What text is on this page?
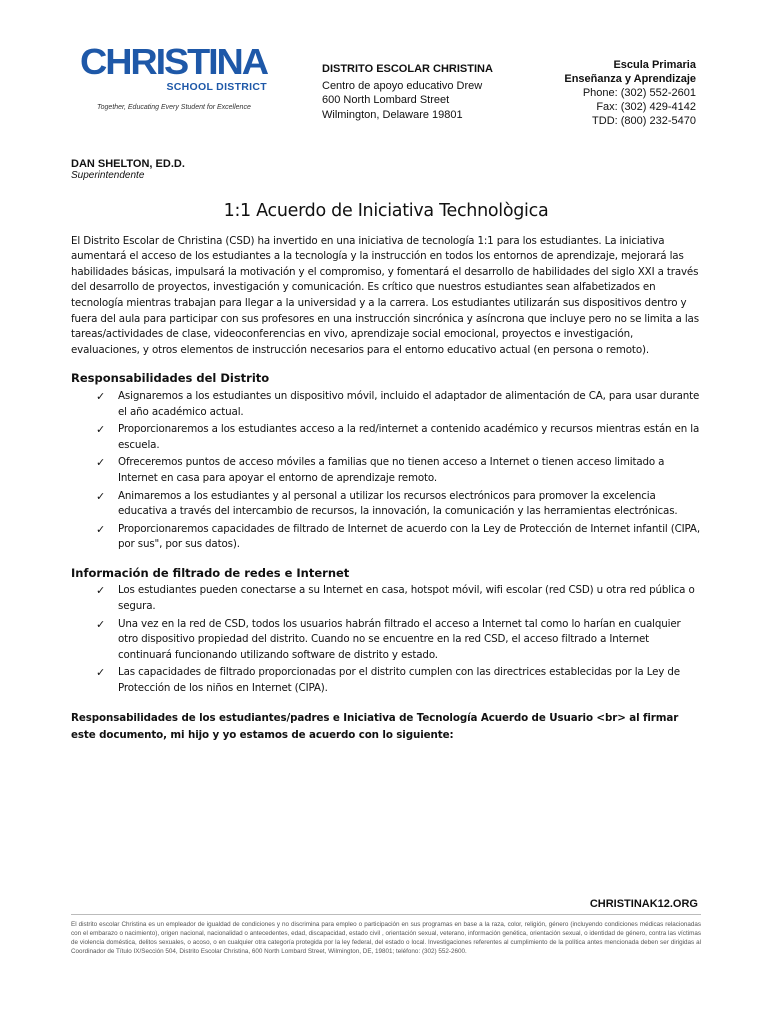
CHRISTINA
SCHOOL DISTRICT
Together, Educating Every Student for Excellence
DISTRITO ESCOLAR CHRISTINA
Centro de apoyo educativo Drew
600 North Lombard Street
Wilmington, Delaware 19801
Escula Primaria
Enseñanza y Aprendizaje
Phone: (302) 552-2601
Fax: (302) 429-4142
TDD: (800) 232-5470
DAN SHELTON, ED.D.
Superintendente
1:1 Acuerdo de Iniciativa Technològica

El Distrito Escolar de Christina (CSD) ha invertido en una iniciativa de tecnología 1:1 para los estudiantes. La iniciativa aumentará el acceso de los estudiantes a la tecnología y la instrucción en todos los entornos de aprendizaje, mejorará las habilidades básicas, impulsará la motivación y el compromiso, y fomentará el desarrollo de habilidades del siglo XXI a través del desarrollo de proyectos, investigación y comunicación. Es crítico que nuestros estudiantes sean alfabetizados en tecnología mientras trabajan para llegar a la universidad y a la carrera. Los estudiantes utilizarán sus dispositivos dentro y fuera del aula para participar con sus profesores en una instrucción sincrónica y asíncrona que incluye pero no se limita a las tareas/actividades de clase, videoconferencias en vivo, aprendizaje social emocional, proyectos e investigación, evaluaciones, y otros elementos de instrucción necesarios para el entorno educativo actual (en persona o remoto).

Responsabilidades del Distrito
✓ Asignaremos a los estudiantes un dispositivo móvil, incluido el adaptador de alimentación de CA, para usar durante el año académico actual.
✓ Proporcionaremos a los estudiantes acceso a la red/internet a contenido académico y recursos mientras están en la escuela.
✓ Ofreceremos puntos de acceso móviles a familias que no tienen acceso a Internet o tienen acceso limitado a Internet en casa para apoyar el entorno de aprendizaje remoto.
✓ Animaremos a los estudiantes y al personal a utilizar los recursos electrónicos para promover la excelencia educativa a través del intercambio de recursos, la innovación, la comunicación y las herramientas electrónicas.
✓ Proporcionaremos capacidades de filtrado de Internet de acuerdo con la Ley de Protección de Internet infantil (CIPA, por sus", por sus datos).
Información de filtrado de redes e Internet
✓ Los estudiantes pueden conectarse a su Internet en casa, hotspot móvil, wifi escolar (red CSD) u otra red pública o segura.
✓ Una vez en la red de CSD, todos los usuarios habrán filtrado el acceso a Internet tal como lo harían en cualquier otro dispositivo propiedad del distrito. Cuando no se encuentre en la red CSD, el acceso filtrado a Internet continuará funcionando utilizando software de distrito y estado.
✓ Las capacidades de filtrado proporcionadas por el distrito cumplen con las directrices establecidas por la Ley de Protección de los niños en Internet (CIPA).

Responsabilidades de los estudiantes/padres e Iniciativa de Tecnología Acuerdo de Usuario <br> al firmar este documento, mi hijo y yo estamos de acuerdo con lo siguiente:

CHRISTINAK12.ORG
El distrito escolar Christina es un empleador de igualdad de condiciones y no discrimina para empleo o participación en sus programas en base a la raza, color, religión, género (incluyendo condiciones médicas relacionadas con el embarazo o nacimiento), origen nacional, nacionalidad o antecedentes, edad, discapacidad, estado civil , orientación sexual, veterano, información genética, orientación sexual, o identidad de género, contra las víctimas de violencia doméstica, delitos sexuales, o acoso, o en cualquier otra categoría protegida por la ley federal, del estado o local. Investigaciones referentes al cumplimiento de la política antes mencionada deben ser dirigidas al Coordinador de Título IX/Sección 504, Distrito Escolar Christina, 600 North Lombard Street, Wilmington, DE, 19801; teléfono: (302) 552-2600.
